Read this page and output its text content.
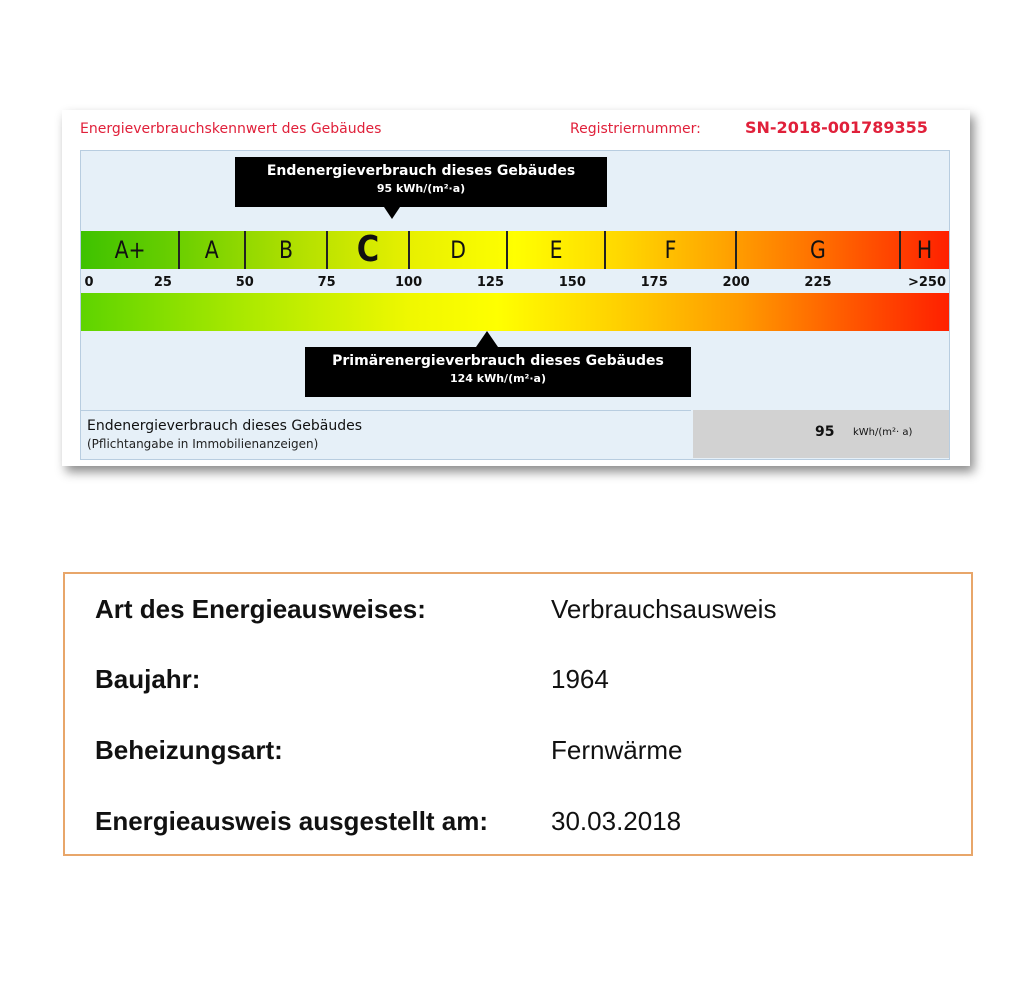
Energieverbrauchskennwert des Gebäudes	Registriernummer:	SN-2018-001789355
Endenergieverbrauch dieses Gebäudes
95 kWh/(m²·a)
A+	A	B	C	D	E	F	G	H
0	25	50	75	100	125	150	175	200	225	>250
Primärenergieverbrauch dieses Gebäudes
124 kWh/(m²·a)
Endenergieverbrauch dieses Gebäudes
(Pflichtangabe in Immobilienanzeigen)
95 kWh/(m²· a)
Art des Energieausweises:	Verbrauchsausweis
Baujahr:	1964
Beheizungsart:	Fernwärme
Energieausweis ausgestellt am: 30.03.2018
